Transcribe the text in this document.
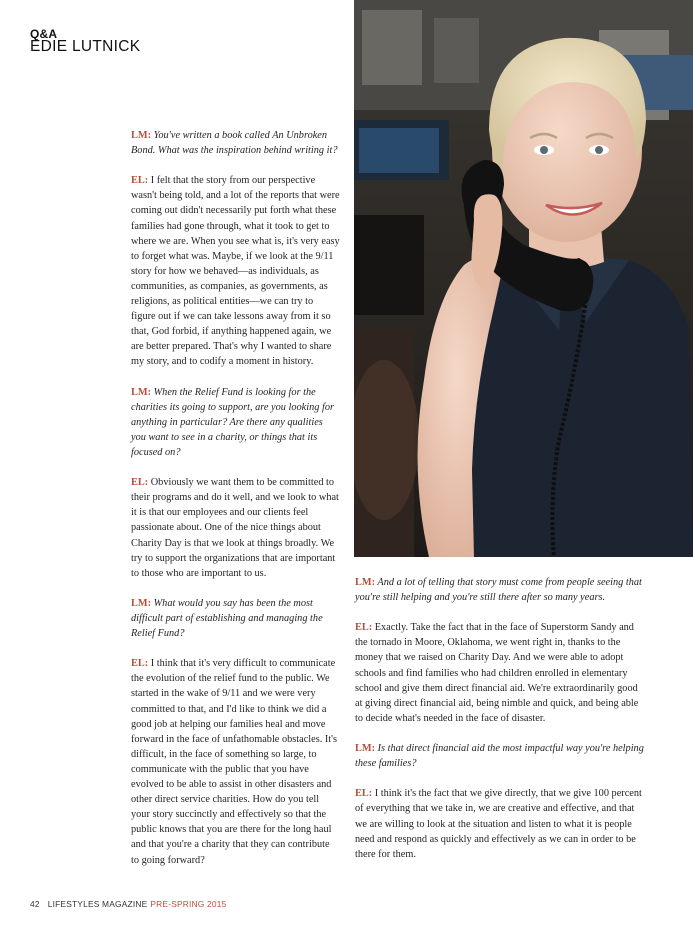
Q&A
EDIE LUTNICK

LM: You've written a book called An Unbroken Bond. What was the inspiration behind writing it?

EL: I felt that the story from our perspective wasn't being told, and a lot of the reports that were coming out didn't necessarily put forth what these families had gone through, what it took to get to where we are. When you see what is, it's very easy to forget what was. Maybe, if we look at the 9/11 story for how we behaved—as individuals, as communities, as companies, as governments, as religions, as political entities—we can try to figure out if we can take lessons away from it so that, God forbid, if anything happened again, we are better prepared. That's why I wanted to share my story, and to codify a moment in history.

LM: When the Relief Fund is looking for the charities its going to support, are you looking for anything in particular? Are there any qualities you want to see in a charity, or things that its focused on?

EL: Obviously we want them to be committed to their programs and do it well, and we look to what it is that our employees and our clients feel passionate about. One of the nice things about Charity Day is that we look at things broadly. We try to support the organizations that are important to those who are important to us.

LM: What would you say has been the most difficult part of establishing and managing the Relief Fund?

EL: I think that it's very difficult to communicate the evolution of the relief fund to the public. We started in the wake of 9/11 and we were very committed to that, and I'd like to think we did a good job at helping our families heal and move forward in the face of unfathomable obstacles. It's difficult, in the face of something so large, to communicate with the public that you have evolved to be able to assist in other disasters and other direct service charities. How do you tell your story succinctly and effectively so that the public knows that you are there for the long haul and that you're a charity that they can contribute to going forward?

LM: And a lot of telling that story must come from people seeing that you're still helping and you're still there after so many years.

EL: Exactly. Take the fact that in the face of Superstorm Sandy and the tornado in Moore, Oklahoma, we went right in, thanks to the money that we raised on Charity Day. And we were able to adopt schools and find families who had children enrolled in elementary school and give them direct financial aid. We're extraordinarily good at giving direct financial aid, being nimble and quick, and being able to decide what's needed in the face of disaster.

LM: Is that direct financial aid the most impactful way you're helping these families?

EL: I think it's the fact that we give directly, that we give 100 percent of everything that we take in, we are creative and effective, and that we are willing to look at the situation and listen to what it is people need and respond as quickly and effectively as we can in order to be there for them.

42 LIFESTYLES MAGAZINE PRE-SPRING 2015
